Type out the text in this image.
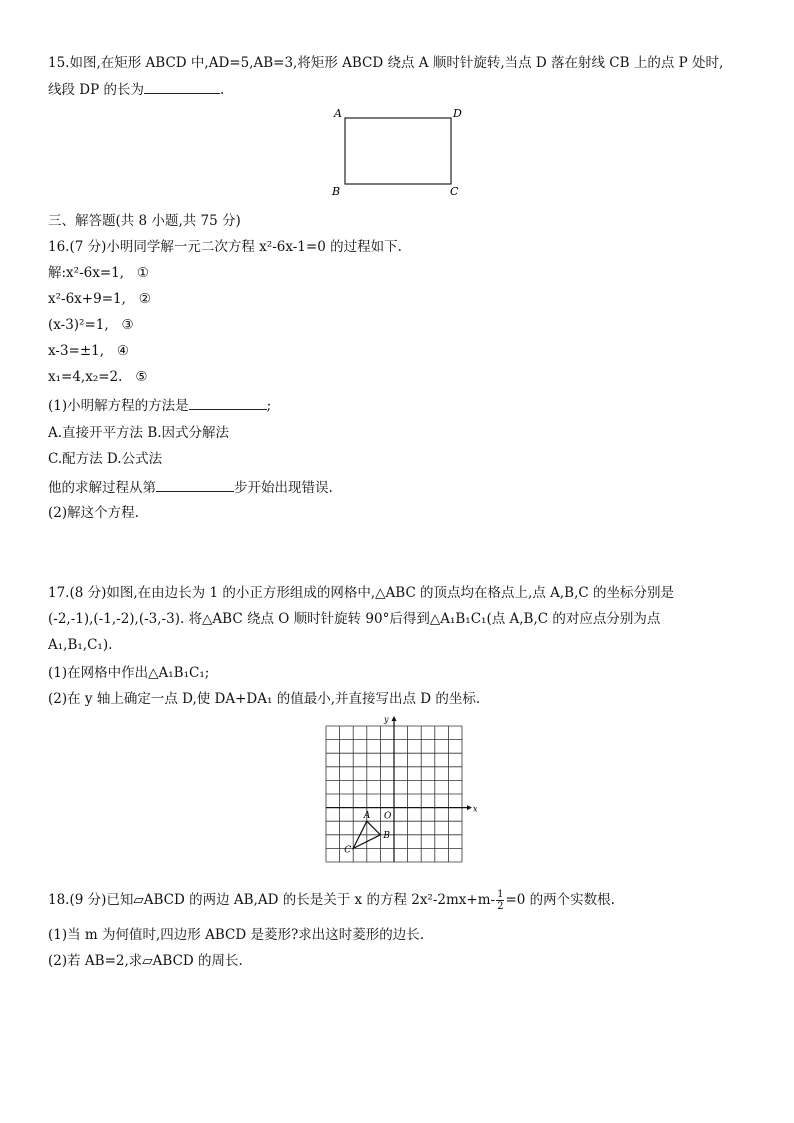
15.如图,在矩形 ABCD 中,AD=5,AB=3,将矩形 ABCD 绕点 A 顺时针旋转,当点 D 落在射线 CB 上的点 P 处时,
线段 DP 的长为	.
A	D
B	C
三、解答题(共 8 小题,共 75 分)
16.(7 分)小明同学解一元二次方程 x²-6x-1=0 的过程如下.
解:x²-6x=1, ①
x²-6x+9=1, ②
(x-3)²=1, ③
x-3=±1, ④
x₁=4,x₂=2. ⑤
(1)小明解方程的方法是	;
A.直接开平方法 B.因式分解法
C.配方法 D.公式法
他的求解过程从第	步开始出现错误.
(2)解这个方程.
17.(8 分)如图,在由边长为 1 的小正方形组成的网格中,△ABC 的顶点均在格点上,点 A,B,C 的坐标分别是
(-2,-1),(-1,-2),(-3,-3). 将△ABC 绕点 O 顺时针旋转 90°后得到△A₁B₁C₁(点 A,B,C 的对应点分别为点
A₁,B₁,C₁).
(1)在网格中作出△A₁B₁C₁;
(2)在 y 轴上确定一点 D,使 DA+DA₁ 的值最小,并直接写出点 D 的坐标.
y
x
O
A
B
C
18.(9 分)已知▱ABCD 的两边 AB,AD 的长是关于 x 的方程 $2x^2-2mx+m- \frac{1}{2} =0$ 的两个实数根.
(1)当 m 为何值时,四边形 ABCD 是菱形?求出这时菱形的边长.
(2)若 AB=2,求▱ABCD 的周长.
